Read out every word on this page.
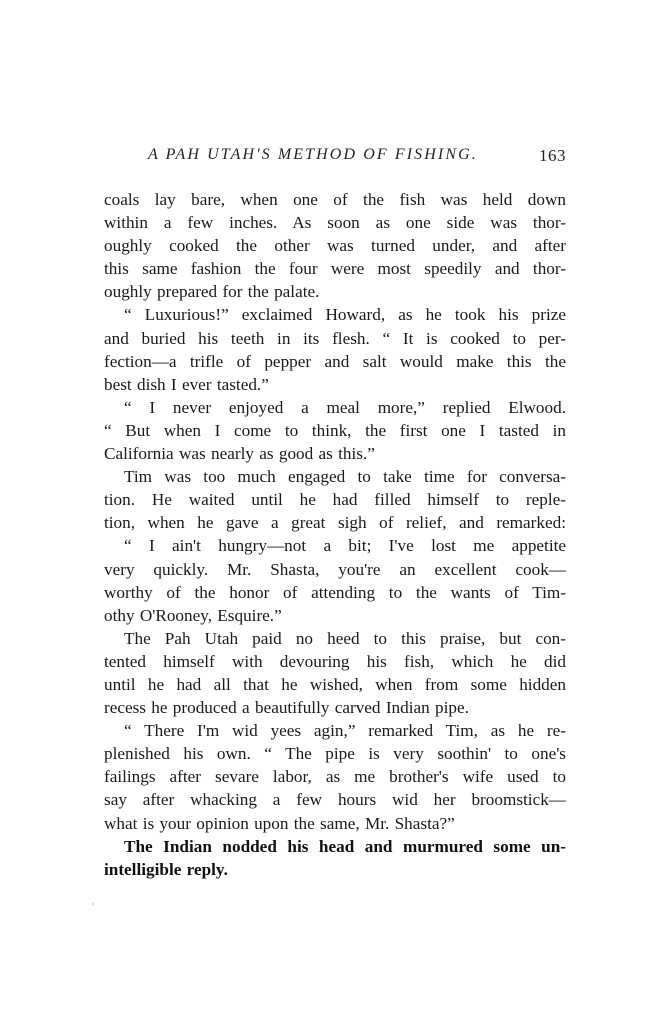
A PAH UTAH'S METHOD OF FISHING.	163
coals lay bare, when one of the fish was held down
within a few inches. As soon as one side was thor-
oughly cooked the other was turned under, and after
this same fashion the four were most speedily and thor-
oughly prepared for the palate.
“ Luxurious!” exclaimed Howard, as he took his prize
and buried his teeth in its flesh. “ It is cooked to per-
fection—a trifle of pepper and salt would make this the
best dish I ever tasted.”
“ I never enjoyed a meal more,” replied Elwood.
“ But when I come to think, the first one I tasted in
California was nearly as good as this.”
Tim was too much engaged to take time for conversa-
tion. He waited until he had filled himself to reple-
tion, when he gave a great sigh of relief, and remarked:
“ I ain't hungry—not a bit; I've lost me appetite
very quickly. Mr. Shasta, you're an excellent cook—
worthy of the honor of attending to the wants of Tim-
othy O'Rooney, Esquire.”
The Pah Utah paid no heed to this praise, but con-
tented himself with devouring his fish, which he did
until he had all that he wished, when from some hidden
recess he produced a beautifully carved Indian pipe.
“ There I'm wid yees agin,” remarked Tim, as he re-
plenished his own. “ The pipe is very soothin' to one's
failings after sevare labor, as me brother's wife used to
say after whacking a few hours wid her broomstick—
what is your opinion upon the same, Mr. Shasta?”
The Indian nodded his head and murmured some un-
intelligible reply.
